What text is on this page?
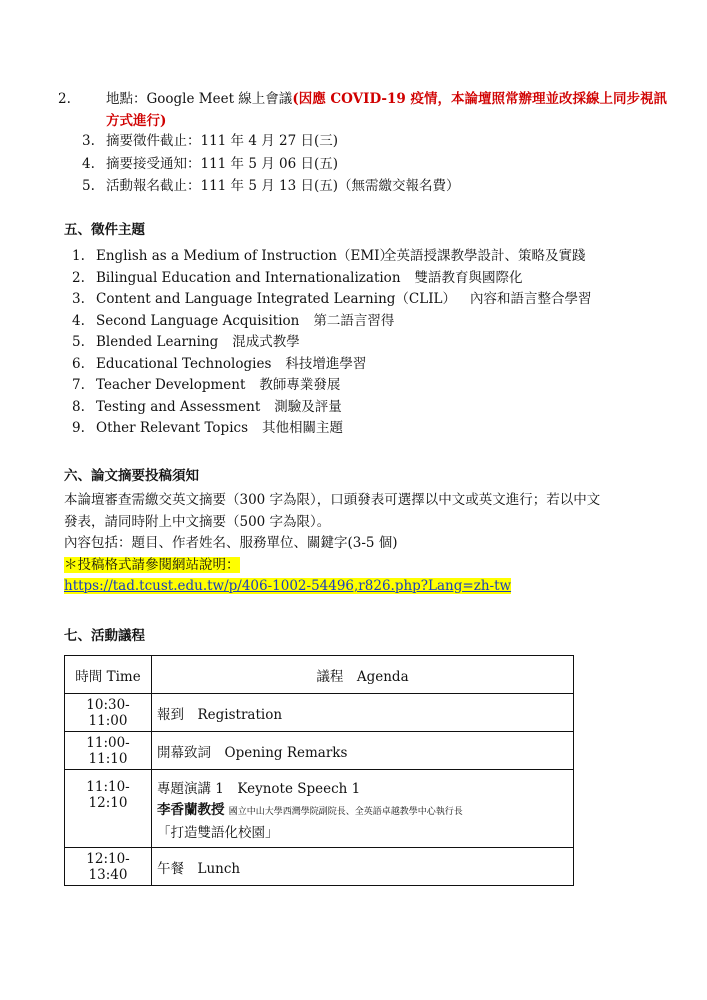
2.	地點：Google Meet 線上會議(因應 COVID-19 疫情，本論壇照常辦理並改採線上同步視訊方式進行)
3. 摘要徵件截止：111 年 4 月 27 日(三)
4. 摘要接受通知：111 年 5 月 06 日(五)
5. 活動報名截止：111 年 5 月 13 日(五)（無需繳交報名費）
五、徵件主題
1. English as a Medium of Instruction（EMI）
全英語授課教學設計、策略及實踐
2. Bilingual Education and Internationalization 雙語教育與國際化
3. Content and Language Integrated Learning（CLIL） 內容和語言整合學習
4. Second Language Acquisition 第二語言習得
5. Blended Learning 混成式教學
6. Educational Technologies 科技增進學習
7. Teacher Development 教師專業發展
8. Testing and Assessment 測驗及評量
9. Other Relevant Topics 其他相關主題
六、論文摘要投稿須知
本論壇審查需繳交英文摘要（300 字為限），口頭發表可選擇以中文或英文進行；若以中文
發表，請同時附上中文摘要（500 字為限）。
內容包括：題目、作者姓名、服務單位、關鍵字(3-5 個)
＊投稿格式請參閱網站說明：
https://tad.tcust.edu.tw/p/406-1002-54496,r826.php?Lang=zh-tw
七、活動議程
時間 Time	議程　Agenda
10:30-11:00	報到　Registration
11:00-11:10	開幕致詞　Opening Remarks
11:10-12:10	專題演講 1　Keynote Speech 1
李香蘭教授 國立中山大學西灣學院副院長、全英語卓越教學中心執行長
「打造雙語化校園」

12:10-13:40	午餐　Lunch
